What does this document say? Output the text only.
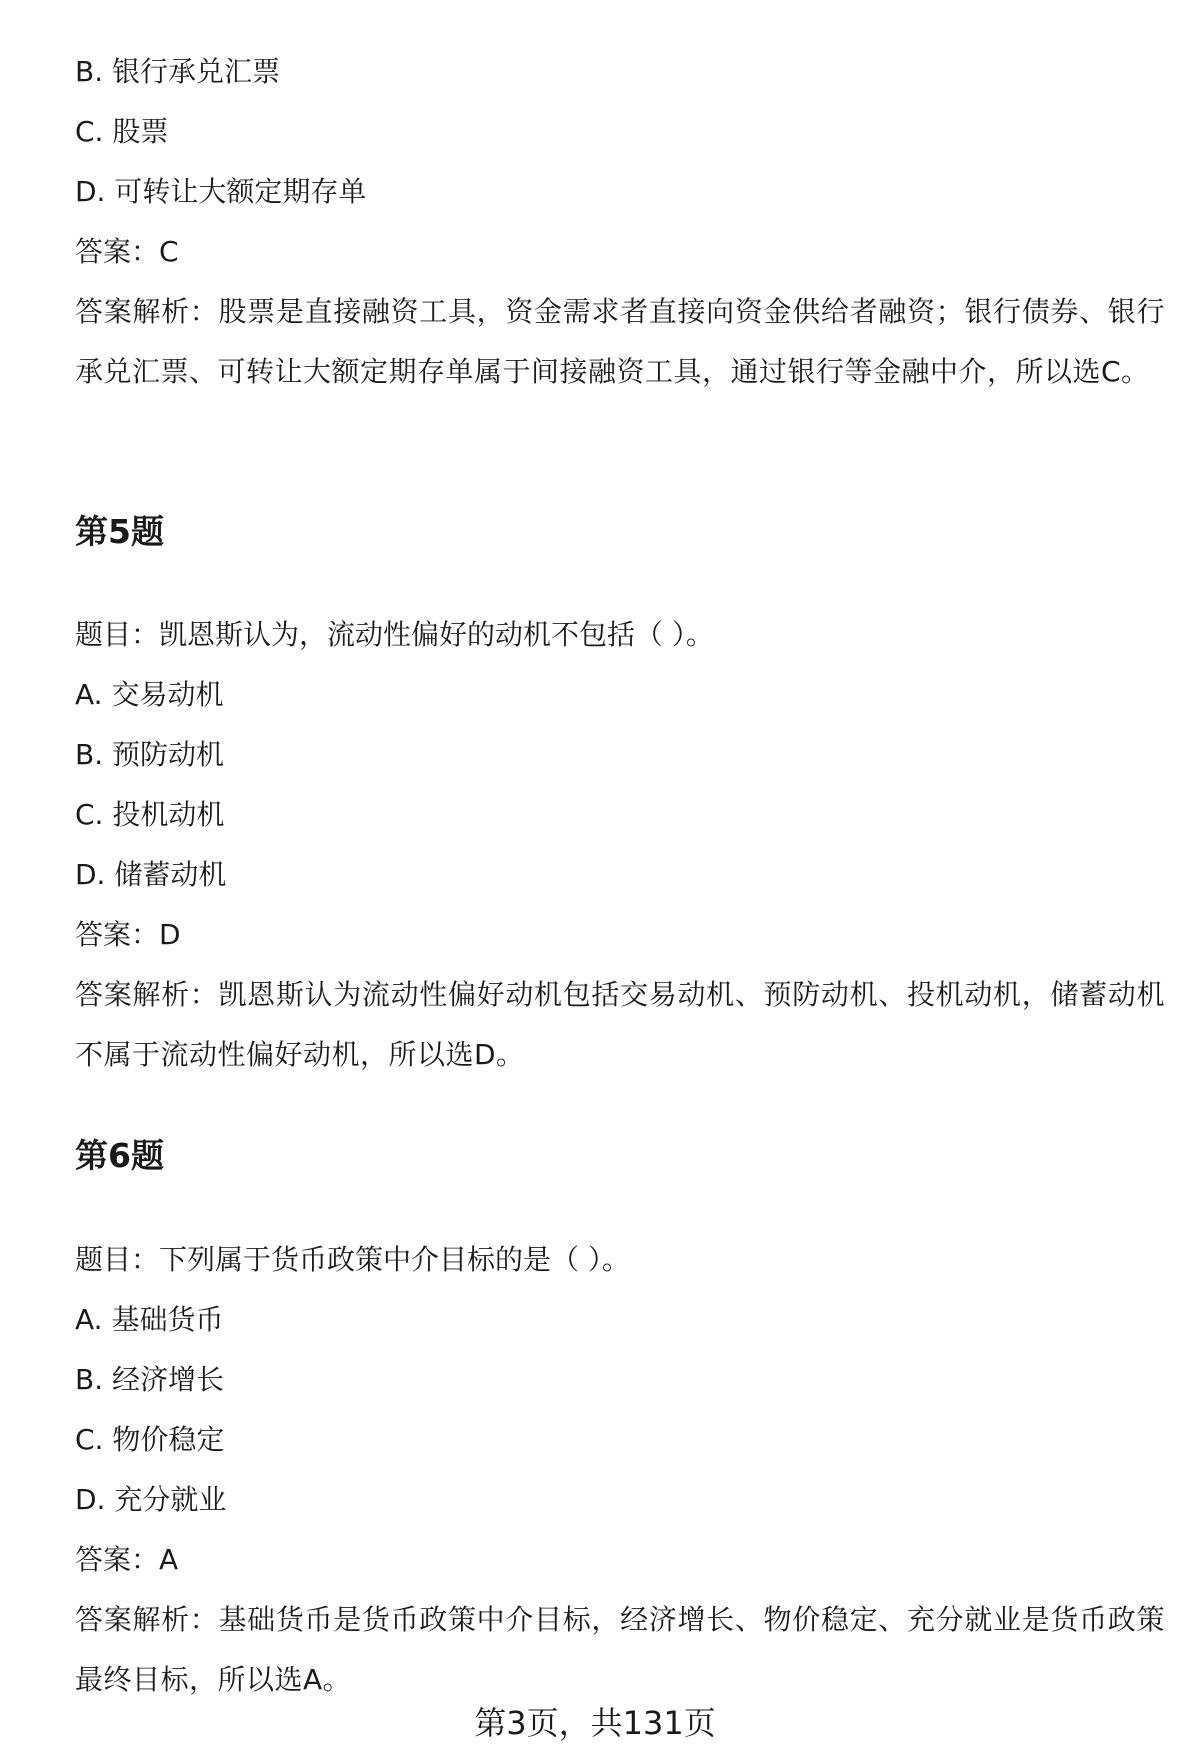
B. 银行承兑汇票
C. 股票
D. 可转让大额定期存单
答案：C
答案解析：股票是直接融资工具，资金需求者直接向资金供给者融资；银行债券、银行承兑汇票、可转让大额定期存单属于间接融资工具，通过银行等金融中介，所以选C。
第5题
题目：凯恩斯认为，流动性偏好的动机不包括（ ）。
A. 交易动机
B. 预防动机
C. 投机动机
D. 储蓄动机
答案：D
答案解析：凯恩斯认为流动性偏好动机包括交易动机、预防动机、投机动机，储蓄动机不属于流动性偏好动机，所以选D。
第6题
题目：下列属于货币政策中介目标的是（ ）。
A. 基础货币
B. 经济增长
C. 物价稳定
D. 充分就业
答案：A
答案解析：基础货币是货币政策中介目标，经济增长、物价稳定、充分就业是货币政策最终目标，所以选A。
第3页，共131页
